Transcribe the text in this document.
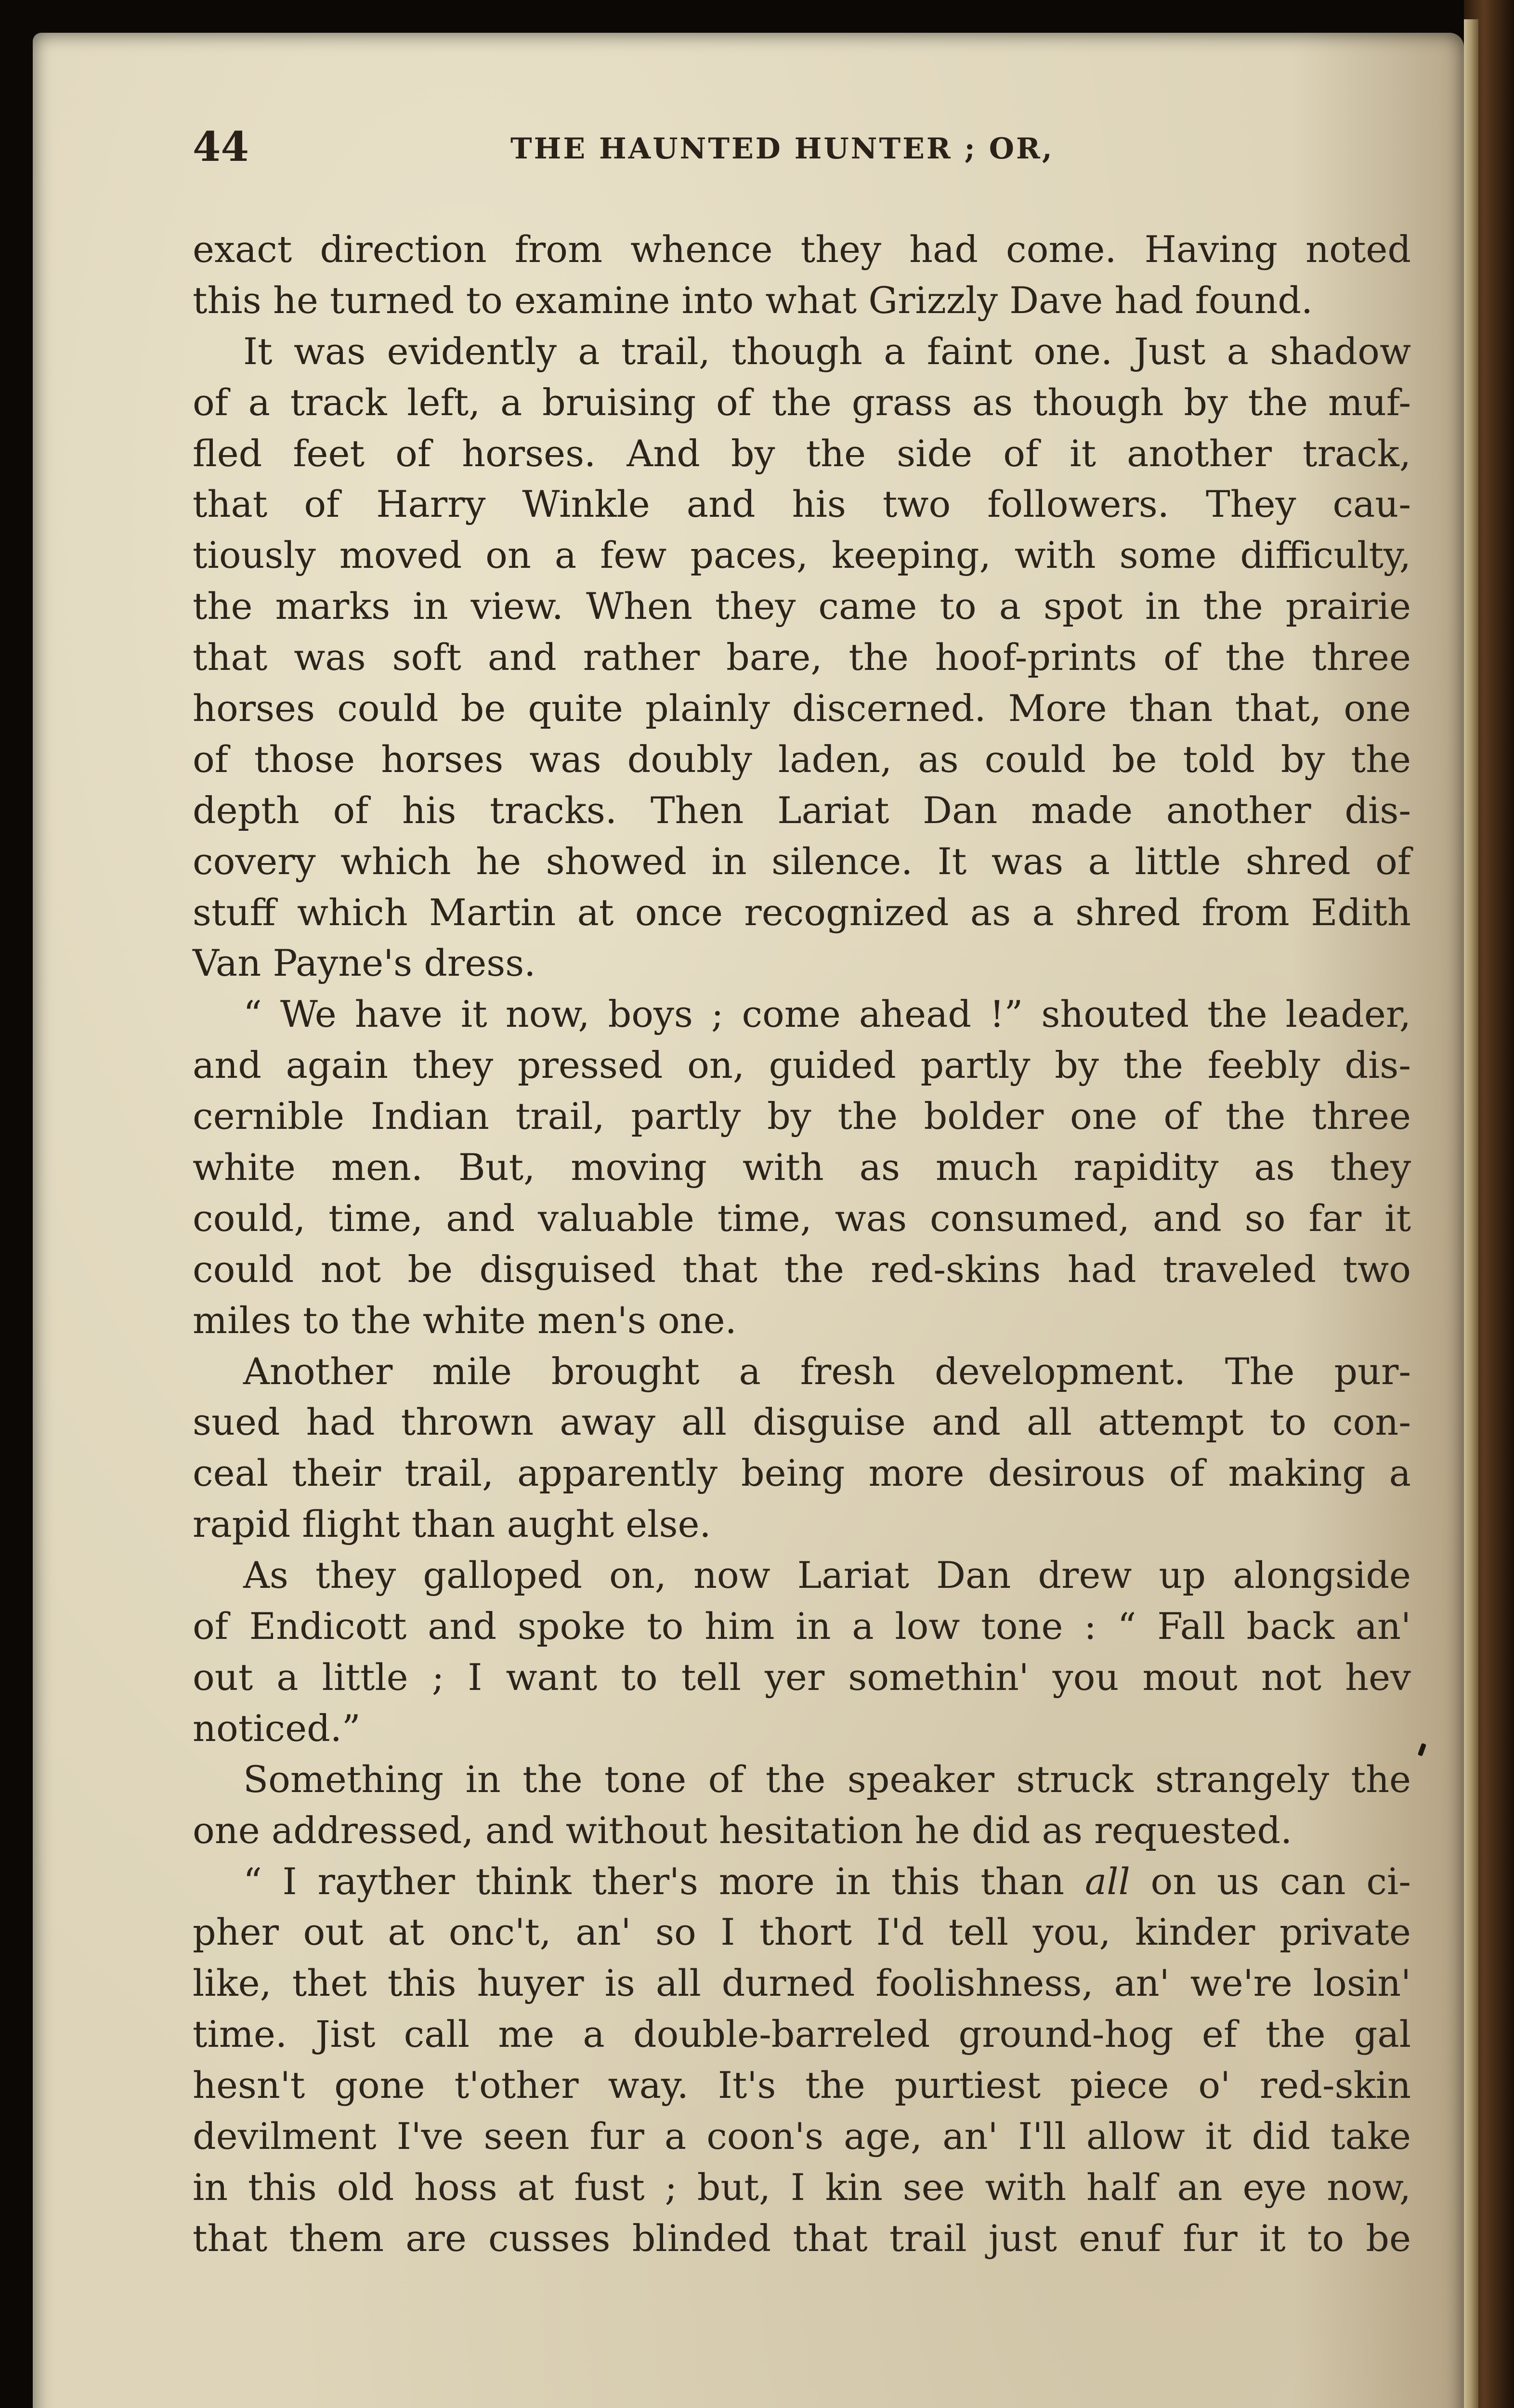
44	THE HAUNTED HUNTER ; OR,
exact direction from whence they had come. Having noted
this he turned to examine into what Grizzly Dave had found.
It was evidently a trail, though a faint one. Just a shadow
of a track left, a bruising of the grass as though by the muf-
fled feet of horses. And by the side of it another track,
that of Harry Winkle and his two followers. They cau-
tiously moved on a few paces, keeping, with some difficulty,
the marks in view. When they came to a spot in the prairie
that was soft and rather bare, the hoof-prints of the three
horses could be quite plainly discerned. More than that, one
of those horses was doubly laden, as could be told by the
depth of his tracks. Then Lariat Dan made another dis-
covery which he showed in silence. It was a little shred of
stuff which Martin at once recognized as a shred from Edith
Van Payne's dress.
“ We have it now, boys ; come ahead !” shouted the leader,
and again they pressed on, guided partly by the feebly dis-
cernible Indian trail, partly by the bolder one of the three
white men. But, moving with as much rapidity as they
could, time, and valuable time, was consumed, and so far it
could not be disguised that the red-skins had traveled two
miles to the white men's one.
Another mile brought a fresh development. The pur-
sued had thrown away all disguise and all attempt to con-
ceal their trail, apparently being more desirous of making a
rapid flight than aught else.
As they galloped on, now Lariat Dan drew up alongside
of Endicott and spoke to him in a low tone : “ Fall back an'
out a little ; I want to tell yer somethin' you mout not hev
noticed.”
Something in the tone of the speaker struck strangely the
one addressed, and without hesitation he did as requested.
“ I rayther think ther's more in this than all on us can ci-
pher out at onc't, an' so I thort I'd tell you, kinder private
like, thet this huyer is all durned foolishness, an' we're losin'
time. Jist call me a double-barreled ground-hog ef the gal
hesn't gone t'other way. It's the purtiest piece o' red-skin
devilment I've seen fur a coon's age, an' I'll allow it did take
in this old hoss at fust ; but, I kin see with half an eye now,
that them are cusses blinded that trail just enuf fur it to be
